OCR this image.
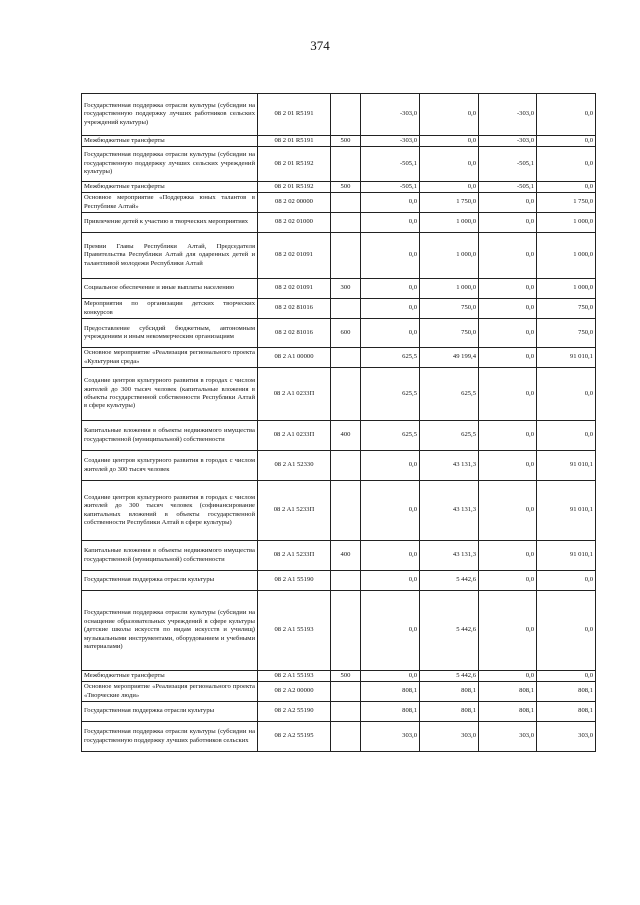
374
Государственная поддержка отрасли культуры (субсидии на государственную поддержку лучших работников сельских учреждений культуры)	08 2 01 R5191		-303,0	0,0	-303,0	0,0
Межбюджетные трансферты	08 2 01 R5191	500	-303,0	0,0	-303,0	0,0
Государственная поддержка отрасли культуры (субсидии на государственную поддержку лучших сельских учреждений культуры)	08 2 01 R5192		-505,1	0,0	-505,1	0,0
Межбюджетные трансферты	08 2 01 R5192	500	-505,1	0,0	-505,1	0,0
Основное мероприятие «Поддержка юных талантов в Республике Алтай»	08 2 02 00000		0,0	1 750,0	0,0	1 750,0
Привлечение детей к участию в творческих мероприятиях	08 2 02 01000		0,0	1 000,0	0,0	1 000,0
Премии Главы Республики Алтай, Председателя Правительства Республики Алтай для одаренных детей и талантливой молодежи Республики Алтай	08 2 02 01091		0,0	1 000,0	0,0	1 000,0
Социальное обеспечение и иные выплаты населению	08 2 02 01091	300	0,0	1 000,0	0,0	1 000,0
Мероприятия по организации детских творческих конкурсов	08 2 02 81016		0,0	750,0	0,0	750,0
Предоставление субсидий бюджетным, автономным учреждениям и иным некоммерческим организациям	08 2 02 81016	600	0,0	750,0	0,0	750,0
Основное мероприятие «Реализация регионального проекта «Культурная среда»	08 2 A1 00000		625,5	49 199,4	0,0	91 010,1
Создание центров культурного развития в городах с числом жителей до 300 тысяч человек (капитальные вложения в объекты государственной собственности Республики Алтай в сфере культуры)	08 2 A1 0233П		625,5	625,5	0,0	0,0
Капитальные вложения в объекты недвижимого имущества государственной (муниципальной) собственности	08 2 A1 0233П	400	625,5	625,5	0,0	0,0
Создание центров культурного развития в городах с числом жителей до 300 тысяч человек	08 2 A1 52330		0,0	43 131,3	0,0	91 010,1
Создание центров культурного развития в городах с числом жителей до 300 тысяч человек (софинансирование капитальных вложений в объекты государственной собственности Республики Алтай в сфере культуры)	08 2 A1 5233П		0,0	43 131,3	0,0	91 010,1
Капитальные вложения в объекты недвижимого имущества государственной (муниципальной) собственности	08 2 A1 5233П	400	0,0	43 131,3	0,0	91 010,1
Государственная поддержка отрасли культуры	08 2 A1 55190		0,0	5 442,6	0,0	0,0
Государственная поддержка отрасли культуры (субсидии на оснащение образовательных учреждений в сфере культуры (детские школы искусств по видам искусств и училищ) музыкальными инструментами, оборудованием и учебными материалами)	08 2 A1 55193		0,0	5 442,6	0,0	0,0
Межбюджетные трансферты	08 2 A1 55193	500	0,0	5 442,6	0,0	0,0
Основное мероприятие «Реализация регионального проекта «Творческие люди»	08 2 A2 00000		808,1	808,1	808,1	808,1
Государственная поддержка отрасли культуры	08 2 A2 55190		808,1	808,1	808,1	808,1
Государственная поддержка отрасли культуры (субсидии на государственную поддержку лучших работников сельских	08 2 A2 55195		303,0	303,0	303,0	303,0
